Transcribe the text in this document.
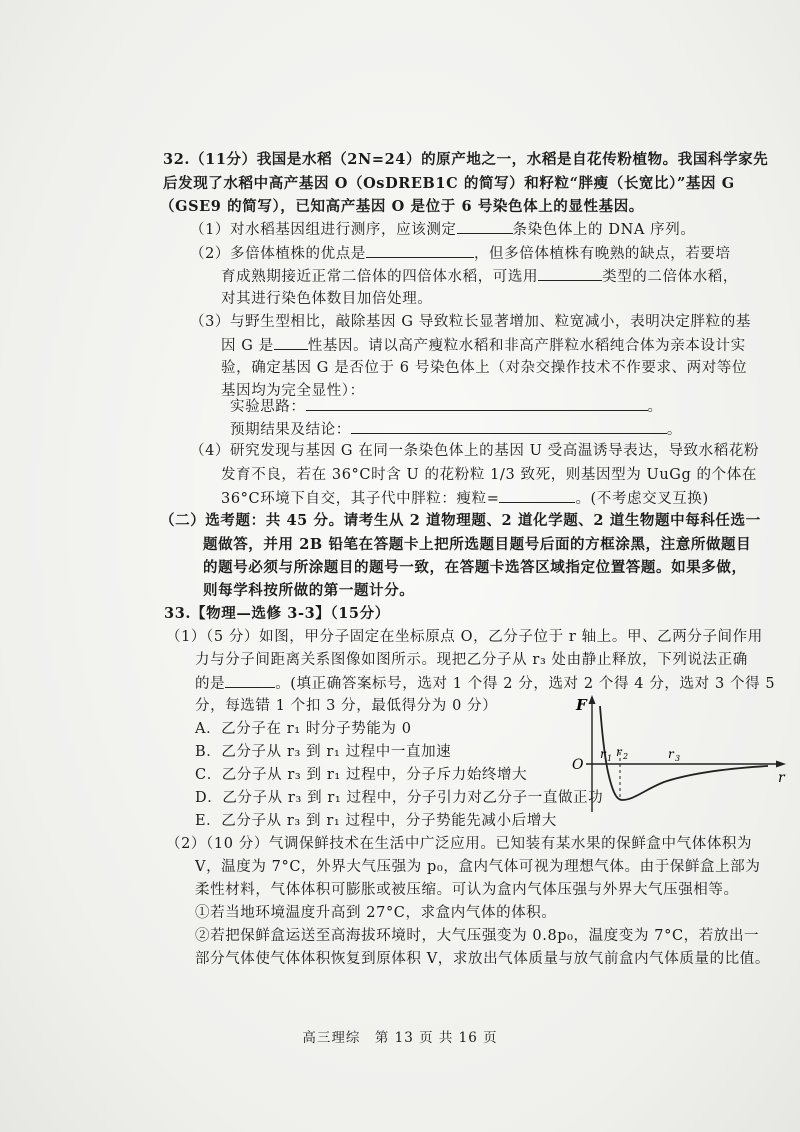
32.（11分）我国是水稻（2N=24）的原产地之一，水稻是自花传粉植物。我国科学家先
后发现了水稻中高产基因 O（OsDREB1C 的简写）和籽粒“胖瘦（长宽比）”基因 G
（GSE9 的简写），已知高产基因 O 是位于 6 号染色体上的显性基因。
（1）对水稻基因组进行测序，应该测定	条染色体上的 DNA 序列。
（2）多倍体植株的优点是	，但多倍体植株有晚熟的缺点，若要培
育成熟期接近正常二倍体的四倍体水稻，可选用	类型的二倍体水稻，
对其进行染色体数目加倍处理。
（3）与野生型相比，敲除基因 G 导致粒长显著增加、粒宽减小，表明决定胖粒的基
因 G 是 性基因。请以高产瘦粒水稻和非高产胖粒水稻纯合体为亲本设计实
验，确定基因 G 是否位于 6 号染色体上（对杂交操作技术不作要求、两对等位
基因均为完全显性）：
实验思路：	。
预期结果及结论：	。
（4）研究发现与基因 G 在同一条染色体上的基因 U 受高温诱导表达，导致水稻花粉
发育不良，若在 36°C时含 U 的花粉粒 1/3 致死，则基因型为 UuGg 的个体在
36°C环境下自交，其子代中胖粒：瘦粒=	。(不考虑交叉互换)
（二）选考题：共 45 分。请考生从 2 道物理题、2 道化学题、2 道生物题中每科任选一
题做答，并用 2B 铅笔在答题卡上把所选题目题号后面的方框涂黑，注意所做题目
的题号必须与所涂题目的题号一致，在答题卡选答区域指定位置答题。如果多做，
则每学科按所做的第一题计分。
33.【物理—选修 3-3】（15分）
（1）（5 分）如图，甲分子固定在坐标原点 O，乙分子位于 r 轴上。甲、乙两分子间作用
力与分子间距离关系图像如图所示。现把乙分子从 r₃ 处由静止释放，下列说法正确
的是	。(填正确答案标号，选对 1 个得 2 分，选对 2 个得 4 分，选对 3 个得 5
分，每选错 1 个扣 3 分，最低得分为 0 分）
A．乙分子在 r₁ 时分子势能为 0
B．乙分子从 r₃ 到 r₁ 过程中一直加速
C．乙分子从 r₃ 到 r₁ 过程中，分子斥力始终增大
D．乙分子从 r₃ 到 r₁ 过程中，分子引力对乙分子一直做正功
E．乙分子从 r₃ 到 r₁ 过程中，分子势能先减小后增大
F
O
r
r 1 r 2	r 3
（2）（10 分）气调保鲜技术在生活中广泛应用。已知装有某水果的保鲜盒中气体体积为
V，温度为 7°C，外界大气压强为 p₀，盒内气体可视为理想气体。由于保鲜盒上部为
柔性材料，气体体积可膨胀或被压缩。可认为盒内气体压强与外界大气压强相等。
①若当地环境温度升高到 27°C，求盒内气体的体积。
②若把保鲜盒运送至高海拔环境时，大气压强变为 0.8p₀，温度变为 7°C，若放出一
部分气体使气体体积恢复到原体积 V，求放出气体质量与放气前盒内气体质量的比值。
高三理综　第 13 页 共 16 页
